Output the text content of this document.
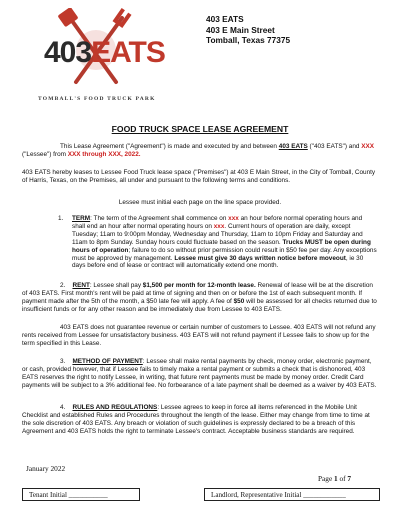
403EATS
TOMBALL'S FOOD TRUCK PARK
403 EATS
403 E Main Street
Tomball, Texas 77375
FOOD TRUCK SPACE LEASE AGREEMENT
This Lease Agreement ("Agreement") is made and executed by and between 403 EATS ("403 EATS") and XXX ("Lessee") from XXX through XXX, 2022.
403 EATS hereby leases to Lessee Food Truck lease space ("Premises") at 403 E Main Street, in the City of Tomball, County of Harris, Texas, on the Premises, all under and pursuant to the following terms and conditions.
Lessee must initial each page on the line space provided.
1. TERM: The term of the Agreement shall commence on xxx an hour before normal operating hours and shall end an hour after normal operating hours on xxx. Current hours of operation are daily, except Tuesday; 11am to 9:00pm Monday, Wednesday and Thursday, 11am to 10pm Friday and Saturday and 11am to 8pm Sunday. Sunday hours could fluctuate based on the season. Trucks MUST be open during hours of operation; failure to do so without prior permission could result in $50 fee per day. Any exceptions must be approved by management. Lessee must give 30 days written notice before moveout, ie 30 days before end of lease or contract will automatically extend one month.
2. RENT: Lessee shall pay $1,500 per month for 12-month lease. Renewal of lease will be at the discretion of 403 EATS. First month's rent will be paid at time of signing and then on or before the 1st of each subsequent month. If payment made after the 5th of the month, a $50 late fee will apply. A fee of $50 will be assessed for all checks returned due to insufficient funds or for any other reason and be immediately due from Lessee to 403 EATS.
403 EATS does not guarantee revenue or certain number of customers to Lessee. 403 EATS will not refund any rents received from Lessee for unsatisfactory business. 403 EATS will not refund payment if Lessee fails to show up for the term specified in this Lease.
3. METHOD OF PAYMENT: Lessee shall make rental payments by check, money order, electronic payment, or cash, provided however, that if Lessee fails to timely make a rental payment or submits a check that is dishonored, 403 EATS reserves the right to notify Lessee, in writing, that future rent payments must be made by money order. Credit Card payments will be subject to a 3% additional fee. No forbearance of a late payment shall be deemed as a waiver by 403 EATS.
4. RULES AND REGULATIONS: Lessee agrees to keep in force all items referenced in the Mobile Unit Checklist and established Rules and Procedures throughout the length of the lease. Either may change from time to time at the sole discretion of 403 EATS. Any breach or violation of such guidelines is expressly declared to be a breach of this Agreement and 403 EATS holds the right to terminate Lessee's contract. Acceptable business standards are required.
January 2022
Page 1 of 7
Tenant Initial ___________	Landlord, Representative Initial ____________
